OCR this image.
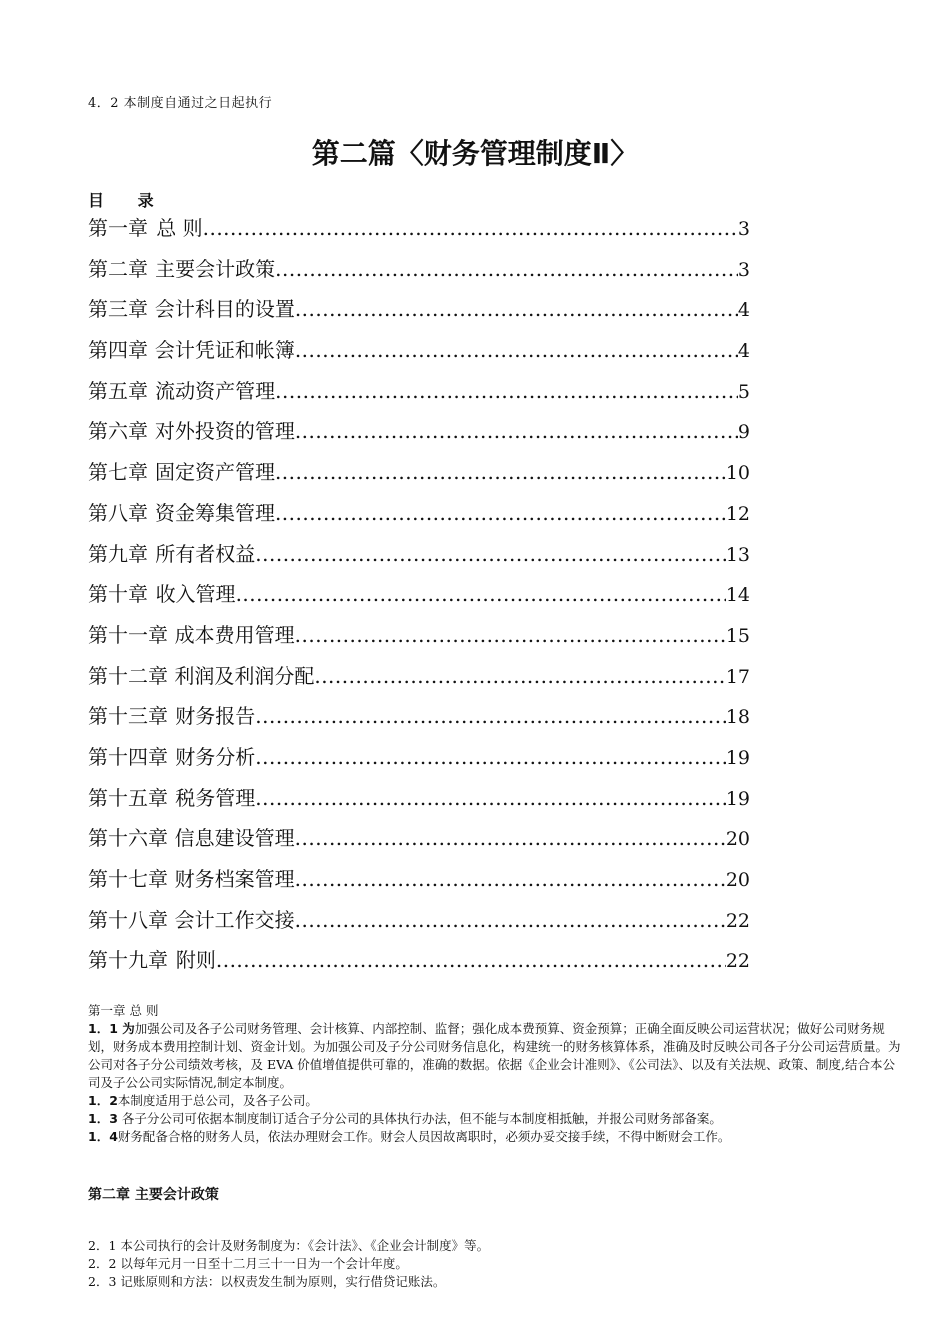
4．2 本制度自通过之日起执行
第二篇〈财务管理制度Ⅱ〉
目 录
第一章 总 则 .....	3
第二章 主要会计政策 .....	3
第三章 会计科目的设置 .....	4
第四章 会计凭证和帐簿 .....	4
第五章 流动资产管理 .....	5
第六章 对外投资的管理 .....	9
第七章 固定资产管理 .....	10
第八章 资金筹集管理 .....	12
第九章 所有者权益 .....	13
第十章 收入管理 .....	14
第十一章 成本费用管理 .....	15
第十二章 利润及利润分配 .....	17
第十三章 财务报告 .....	18
第十四章 财务分析 .....	19
第十五章 税务管理 .....	19
第十六章 信息建设管理 .....	20
第十七章 财务档案管理 .....	20
第十八章 会计工作交接 .....	22
第十九章 附则 .....	22

第一章 总 则

1．1 为加强公司及各子公司财务管理、会计核算、内部控制、监督；强化成本费预算、资金预算；正确全面反映公司运营状况；做好公司财务规划，财务成本费用控制计划、资金计划。为加强公司及子分公司财务信息化，构建统一的财务核算体系，准确及时反映公司各子分公司运营质量。为公司对各子分公司绩效考核，及 EVA 价值增值提供可靠的，准确的数据。依据《企业会计准则》、《公司法》、以及有关法规、政策、制度,结合本公司及子公公司实际情况,制定本制度。

1．2本制度适用于总公司，及各子公司。

1．3 各子分公司可依据本制度制订适合子分公司的具体执行办法，但不能与本制度相抵触，并报公司财务部备案。

1．4财务配备合格的财务人员，依法办理财会工作。财会人员因故离职时，必须办妥交接手续，不得中断财会工作。

第二章 主要会计政策

2．1 本公司执行的会计及财务制度为：《会计法》、《企业会计制度》等。

2．2 以每年元月一日至十二月三十一日为一个会计年度。

2．3 记账原则和方法：以权责发生制为原则，实行借贷记账法。
